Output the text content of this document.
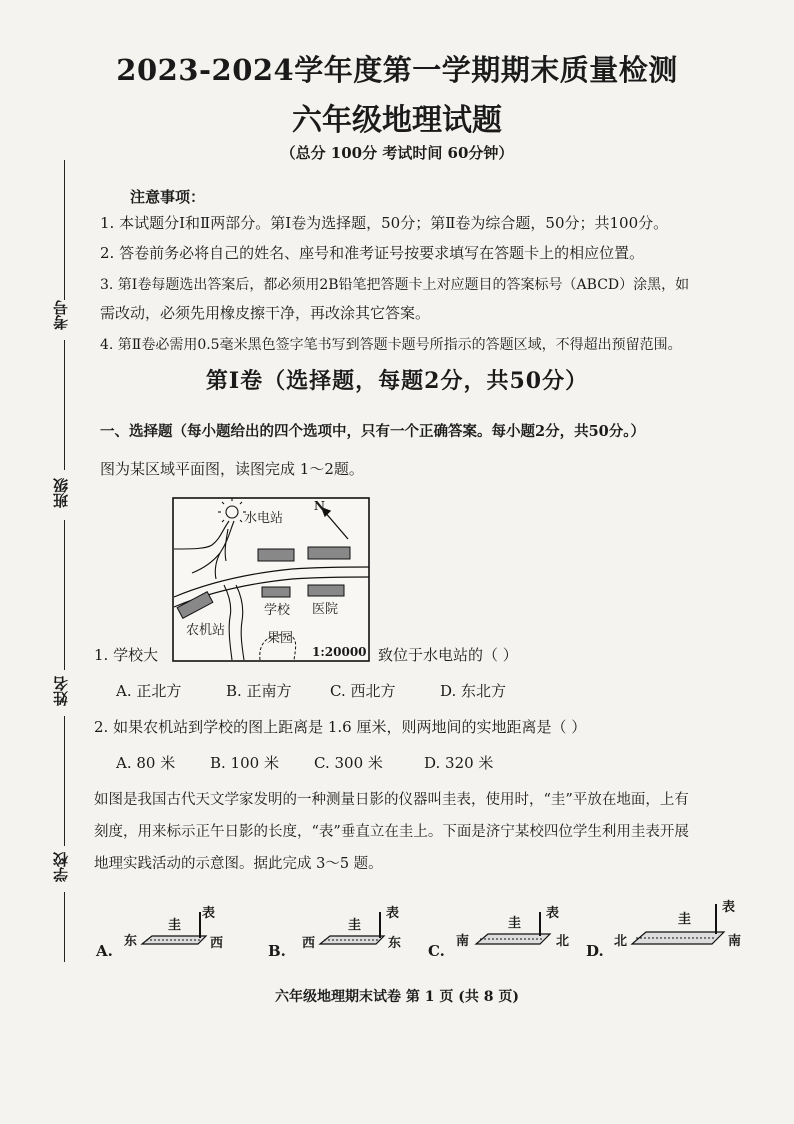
考号
班级
姓名
学校
2023-2024学年度第一学期期末质量检测
六年级地理试题
（总分 100分 考试时间 60分钟）
注意事项：
1. 本试题分Ⅰ和Ⅱ两部分。第Ⅰ卷为选择题，50分；第Ⅱ卷为综合题，50分；共100分。
2. 答卷前务必将自己的姓名、座号和准考证号按要求填写在答题卡上的相应位置。
3. 第Ⅰ卷每题选出答案后，都必须用2B铅笔把答题卡上对应题目的答案标号（ABCD）涂黑，如
需改动，必须先用橡皮擦干净，再改涂其它答案。
4. 第Ⅱ卷必需用0.5毫米黑色签字笔书写到答题卡题号所指示的答题区域，不得超出预留范围。
第Ⅰ卷（选择题，每题2分，共50分）
一、选择题（每小题给出的四个选项中，只有一个正确答案。每小题2分，共50分。）
图为某区域平面图，读图完成 1～2题。
水电站
N
学校 医院
农机站
果园
1:20000
1. 学校大	致位于水电站的（ ）
A. 正北方	B. 正南方	C. 西北方	D. 东北方
2. 如果农机站到学校的图上距离是 1.6 厘米，则两地间的实地距离是（ ）
A. 80 米 B. 100 米 C. 300 米	D. 320 米
如图是我国古代天文学家发明的一种测量日影的仪器叫圭表，使用时，“圭”平放在地面，上有
刻度，用来标示正午日影的长度，“表”垂直立在圭上。下面是济宁某校四位学生利用圭表开展
地理实践活动的示意图。据此完成 3～5 题。
A.
东
圭
表
西	B. 西
圭
表
东 C.
南
圭
表
北
D.
北
圭
表
南
六年级地理期末试卷 第 1 页 (共 8 页)
